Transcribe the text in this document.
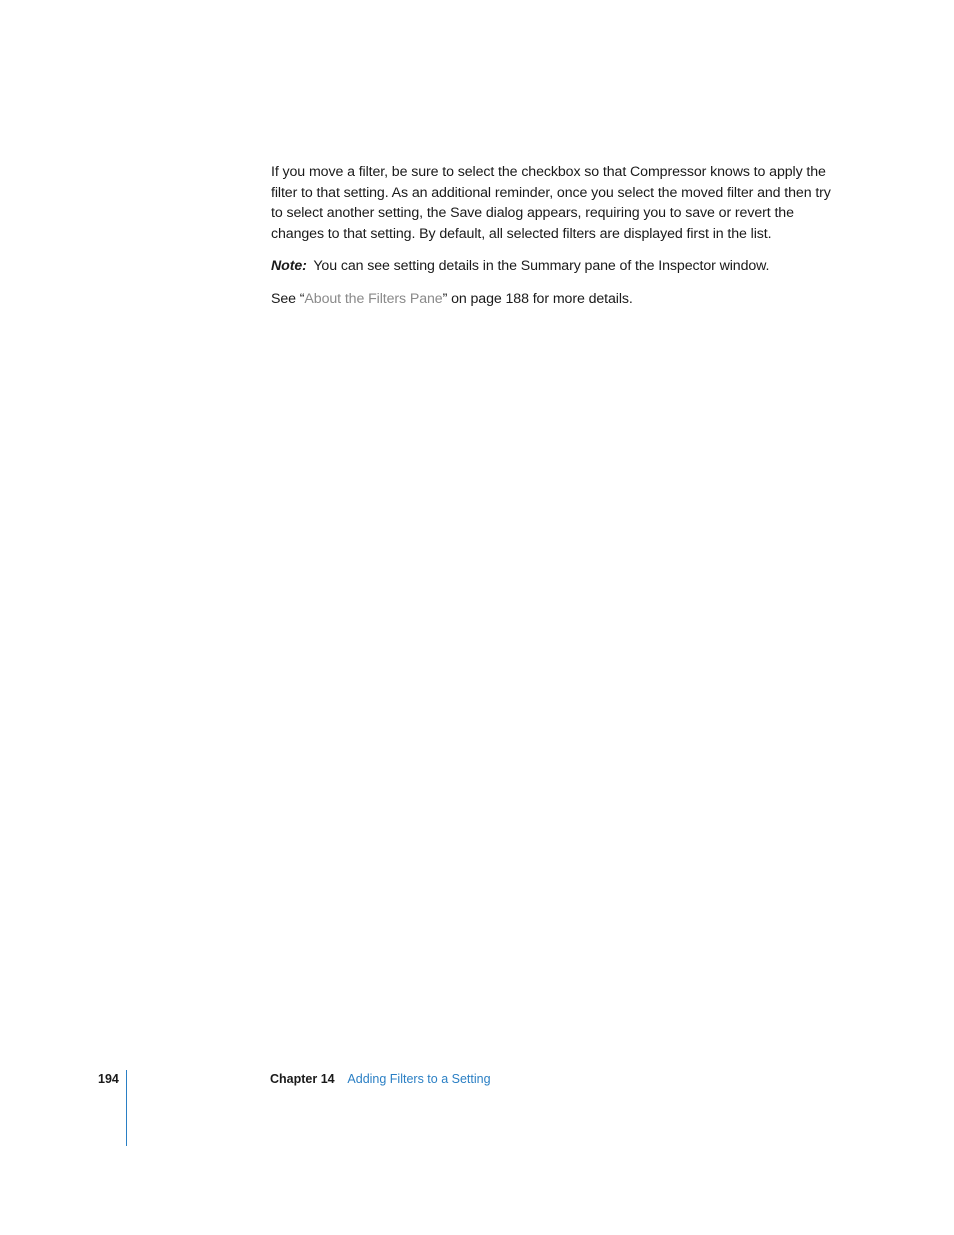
If you move a filter, be sure to select the checkbox so that Compressor knows to apply the filter to that setting. As an additional reminder, once you select the moved filter and then try to select another setting, the Save dialog appears, requiring you to save or revert the changes to that setting. By default, all selected filters are displayed first in the list.

Note: You can see setting details in the Summary pane of the Inspector window.

See “About the Filters Pane” on page 188 for more details.

194	Chapter 14 Adding Filters to a Setting
